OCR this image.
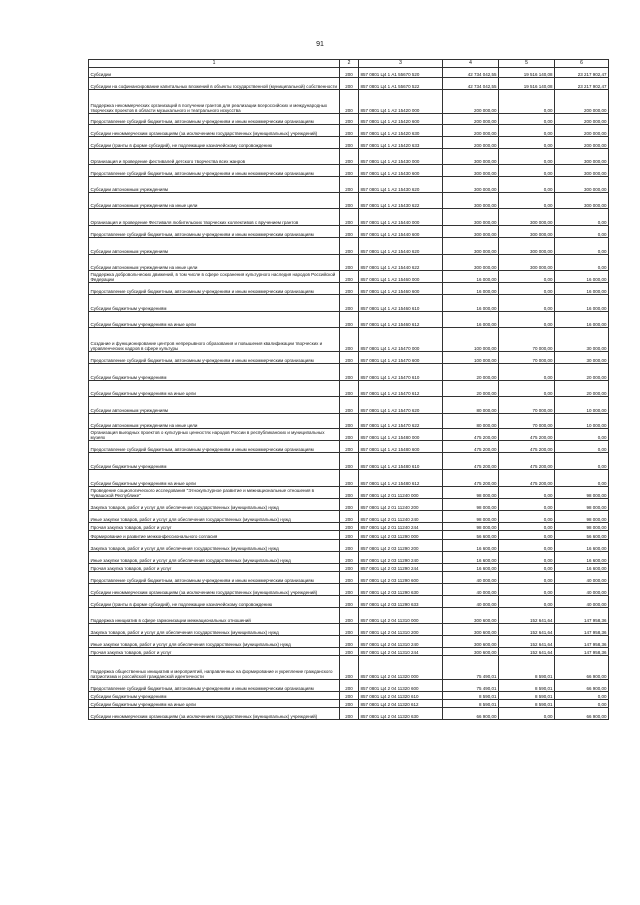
91
1	2	3	4	5	6
Субсидии	200	857 0801 Ц4 1 А1 55670 520	42 734 042,55	19 516 140,08	23 217 902,47
Субсидии на софинансирование капитальных вложений в объекты государственной (муниципальной) собственности	200	857 0801 Ц4 1 А1 55670 522	42 734 042,55	19 516 140,08	23 217 902,47
Поддержка некоммерческих организаций в получении грантов для реализации всероссийских и международных творческих проектов в области музыкального и театрального искусства	200	857 0801 Ц4 1 А2 15420 000	200 000,00	0,00	200 000,00
Предоставление субсидий бюджетным, автономным учреждениям и иным некоммерческим организациям	200	857 0801 Ц4 1 А2 15420 600	200 000,00	0,00	200 000,00
Субсидии некоммерческим организациям (за исключением государственных (муниципальных) учреждений)	200	857 0801 Ц4 1 А2 15420 630	200 000,00	0,00	200 000,00
Субсидии (гранты в форме субсидий), не подлежащие казначейскому сопровождению	200	857 0801 Ц4 1 А2 15420 633	200 000,00	0,00	200 000,00
Организация и проведение фестивалей детского творчества всех жанров	200	857 0801 Ц4 1 А2 15430 000	300 000,00	0,00	300 000,00
Предоставление субсидий бюджетным, автономным учреждениям и иным некоммерческим организациям	200	857 0801 Ц4 1 А2 15430 600	300 000,00	0,00	300 000,00
Субсидии автономным учреждениям	200	857 0801 Ц4 1 А2 15430 620	300 000,00	0,00	300 000,00
Субсидии автономным учреждениям на иные цели	200	857 0801 Ц4 1 А2 15430 622	300 000,00	0,00	300 000,00
Организация и проведение Фестиваля любительских творческих коллективов с вручением грантов	200	857 0801 Ц4 1 А2 15440 000	300 000,00	300 000,00	0,00
Предоставление субсидий бюджетным, автономным учреждениям и иным некоммерческим организациям	200	857 0801 Ц4 1 А2 15440 600	300 000,00	300 000,00	0,00
Субсидии автономным учреждениям	200	857 0801 Ц4 1 А2 15440 620	300 000,00	300 000,00	0,00
Субсидии автономным учреждениям на иные цели	200	857 0801 Ц4 1 А2 15440 622	300 000,00	300 000,00	0,00
Поддержка добровольческих движений, в том числе в сфере сохранения культурного наследия народов Российской Федерации	200	857 0801 Ц4 1 А2 15460 000	16 000,00	0,00	16 000,00
Предоставление субсидий бюджетным, автономным учреждениям и иным некоммерческим организациям	200	857 0801 Ц4 1 А2 15460 600	16 000,00	0,00	16 000,00
Субсидии бюджетным учреждениям	200	857 0801 Ц4 1 А2 15460 610	16 000,00	0,00	16 000,00
Субсидии бюджетным учреждениям на иные цели	200	857 0801 Ц4 1 А2 15460 612	16 000,00	0,00	16 000,00
Создание и функционирование центров непрерывного образования и повышения квалификации творческих и управленческих кадров в сфере культуры	200	857 0801 Ц4 1 А2 15470 000	100 000,00	70 000,00	30 000,00
Предоставление субсидий бюджетным, автономным учреждениям и иным некоммерческим организациям	200	857 0801 Ц4 1 А2 15470 600	100 000,00	70 000,00	30 000,00
Субсидии бюджетным учреждениям	200	857 0801 Ц4 1 А2 15470 610	20 000,00	0,00	20 000,00
Субсидии бюджетным учреждениям на иные цели	200	857 0801 Ц4 1 А2 15470 612	20 000,00	0,00	20 000,00
Субсидии автономным учреждениям	200	857 0801 Ц4 1 А2 15470 620	80 000,00	70 000,00	10 000,00
Субсидии автономным учреждениям на иные цели	200	857 0801 Ц4 1 А2 15470 622	80 000,00	70 000,00	10 000,00
Организация выездных проектов о культурных ценностях народов России в республиканских и муниципальных музеях	200	857 0801 Ц4 1 А2 15480 000	475 200,00	475 200,00	0,00
Предоставление субсидий бюджетным, автономным учреждениям и иным некоммерческим организациям	200	857 0801 Ц4 1 А2 15480 600	475 200,00	475 200,00	0,00
Субсидии бюджетным учреждениям	200	857 0801 Ц4 1 А2 15480 610	475 200,00	475 200,00	0,00
Субсидии бюджетным учреждениям на иные цели	200	857 0801 Ц4 1 А2 15480 612	475 200,00	475 200,00	0,00
Проведение социологического исследования "Этнокультурное развитие и межнациональные отношения в Чувашской Республике"	200	857 0801 Ц4 2 01 11240 000	98 000,00	0,00	98 000,00
Закупка товаров, работ и услуг для обеспечения государственных (муниципальных) нужд	200	857 0801 Ц4 2 01 11240 200	98 000,00	0,00	98 000,00
Иные закупки товаров, работ и услуг для обеспечения государственных (муниципальных) нужд	200	857 0801 Ц4 2 01 11240 240	98 000,00	0,00	98 000,00
Прочая закупка товаров, работ и услуг	200	857 0801 Ц4 2 01 11240 244	98 000,00	0,00	98 000,00
Формирование и развитие межконфессионального согласия	200	857 0801 Ц4 2 03 11290 000	56 600,00	0,00	56 600,00
Закупка товаров, работ и услуг для обеспечения государственных (муниципальных) нужд	200	857 0801 Ц4 2 03 11290 200	16 600,00	0,00	16 600,00
Иные закупки товаров, работ и услуг для обеспечения государственных (муниципальных) нужд	200	857 0801 Ц4 2 03 11290 240	16 600,00	0,00	16 600,00
Прочая закупка товаров, работ и услуг	200	857 0801 Ц4 2 03 11290 244	16 600,00	0,00	16 600,00
Предоставление субсидий бюджетным, автономным учреждениям и иным некоммерческим организациям	200	857 0801 Ц4 2 03 11290 600	40 000,00	0,00	40 000,00
Субсидии некоммерческим организациям (за исключением государственных (муниципальных) учреждений)	200	857 0801 Ц4 2 03 11290 630	40 000,00	0,00	40 000,00
Субсидии (гранты в форме субсидий), не подлежащие казначейскому сопровождению	200	857 0801 Ц4 2 03 11290 633	40 000,00	0,00	40 000,00
Поддержка инициатив в сфере гармонизации межнациональных отношений	200	857 0801 Ц4 2 04 11310 000	300 600,00	152 641,64	147 958,36
Закупка товаров, работ и услуг для обеспечения государственных (муниципальных) нужд	200	857 0801 Ц4 2 04 11310 200	300 600,00	152 641,64	147 958,36
Иные закупки товаров, работ и услуг для обеспечения государственных (муниципальных) нужд	200	857 0801 Ц4 2 04 11310 240	300 600,00	152 641,64	147 958,36
Прочая закупка товаров, работ и услуг	200	857 0801 Ц4 2 04 11310 244	300 600,00	152 641,64	147 958,36
Поддержка общественных инициатив и мероприятий, направленных на формирование и укрепление гражданского патриотизма и российской гражданской идентичности	200	857 0801 Ц4 2 04 11320 000	75 490,01	8 590,01	66 900,00
Предоставление субсидий бюджетным, автономным учреждениям и иным некоммерческим организациям	200	857 0801 Ц4 2 04 11320 600	75 490,01	8 590,01	66 900,00
Субсидии бюджетным учреждениям	200	857 0801 Ц4 2 04 11320 610	8 590,01	8 590,01	0,00
Субсидии бюджетным учреждениям на иные цели	200	857 0801 Ц4 2 04 11320 612	8 590,01	8 590,01	0,00
Субсидии некоммерческим организациям (за исключением государственных (муниципальных) учреждений)	200	857 0801 Ц4 2 04 11320 630	66 900,00	0,00	66 900,00
